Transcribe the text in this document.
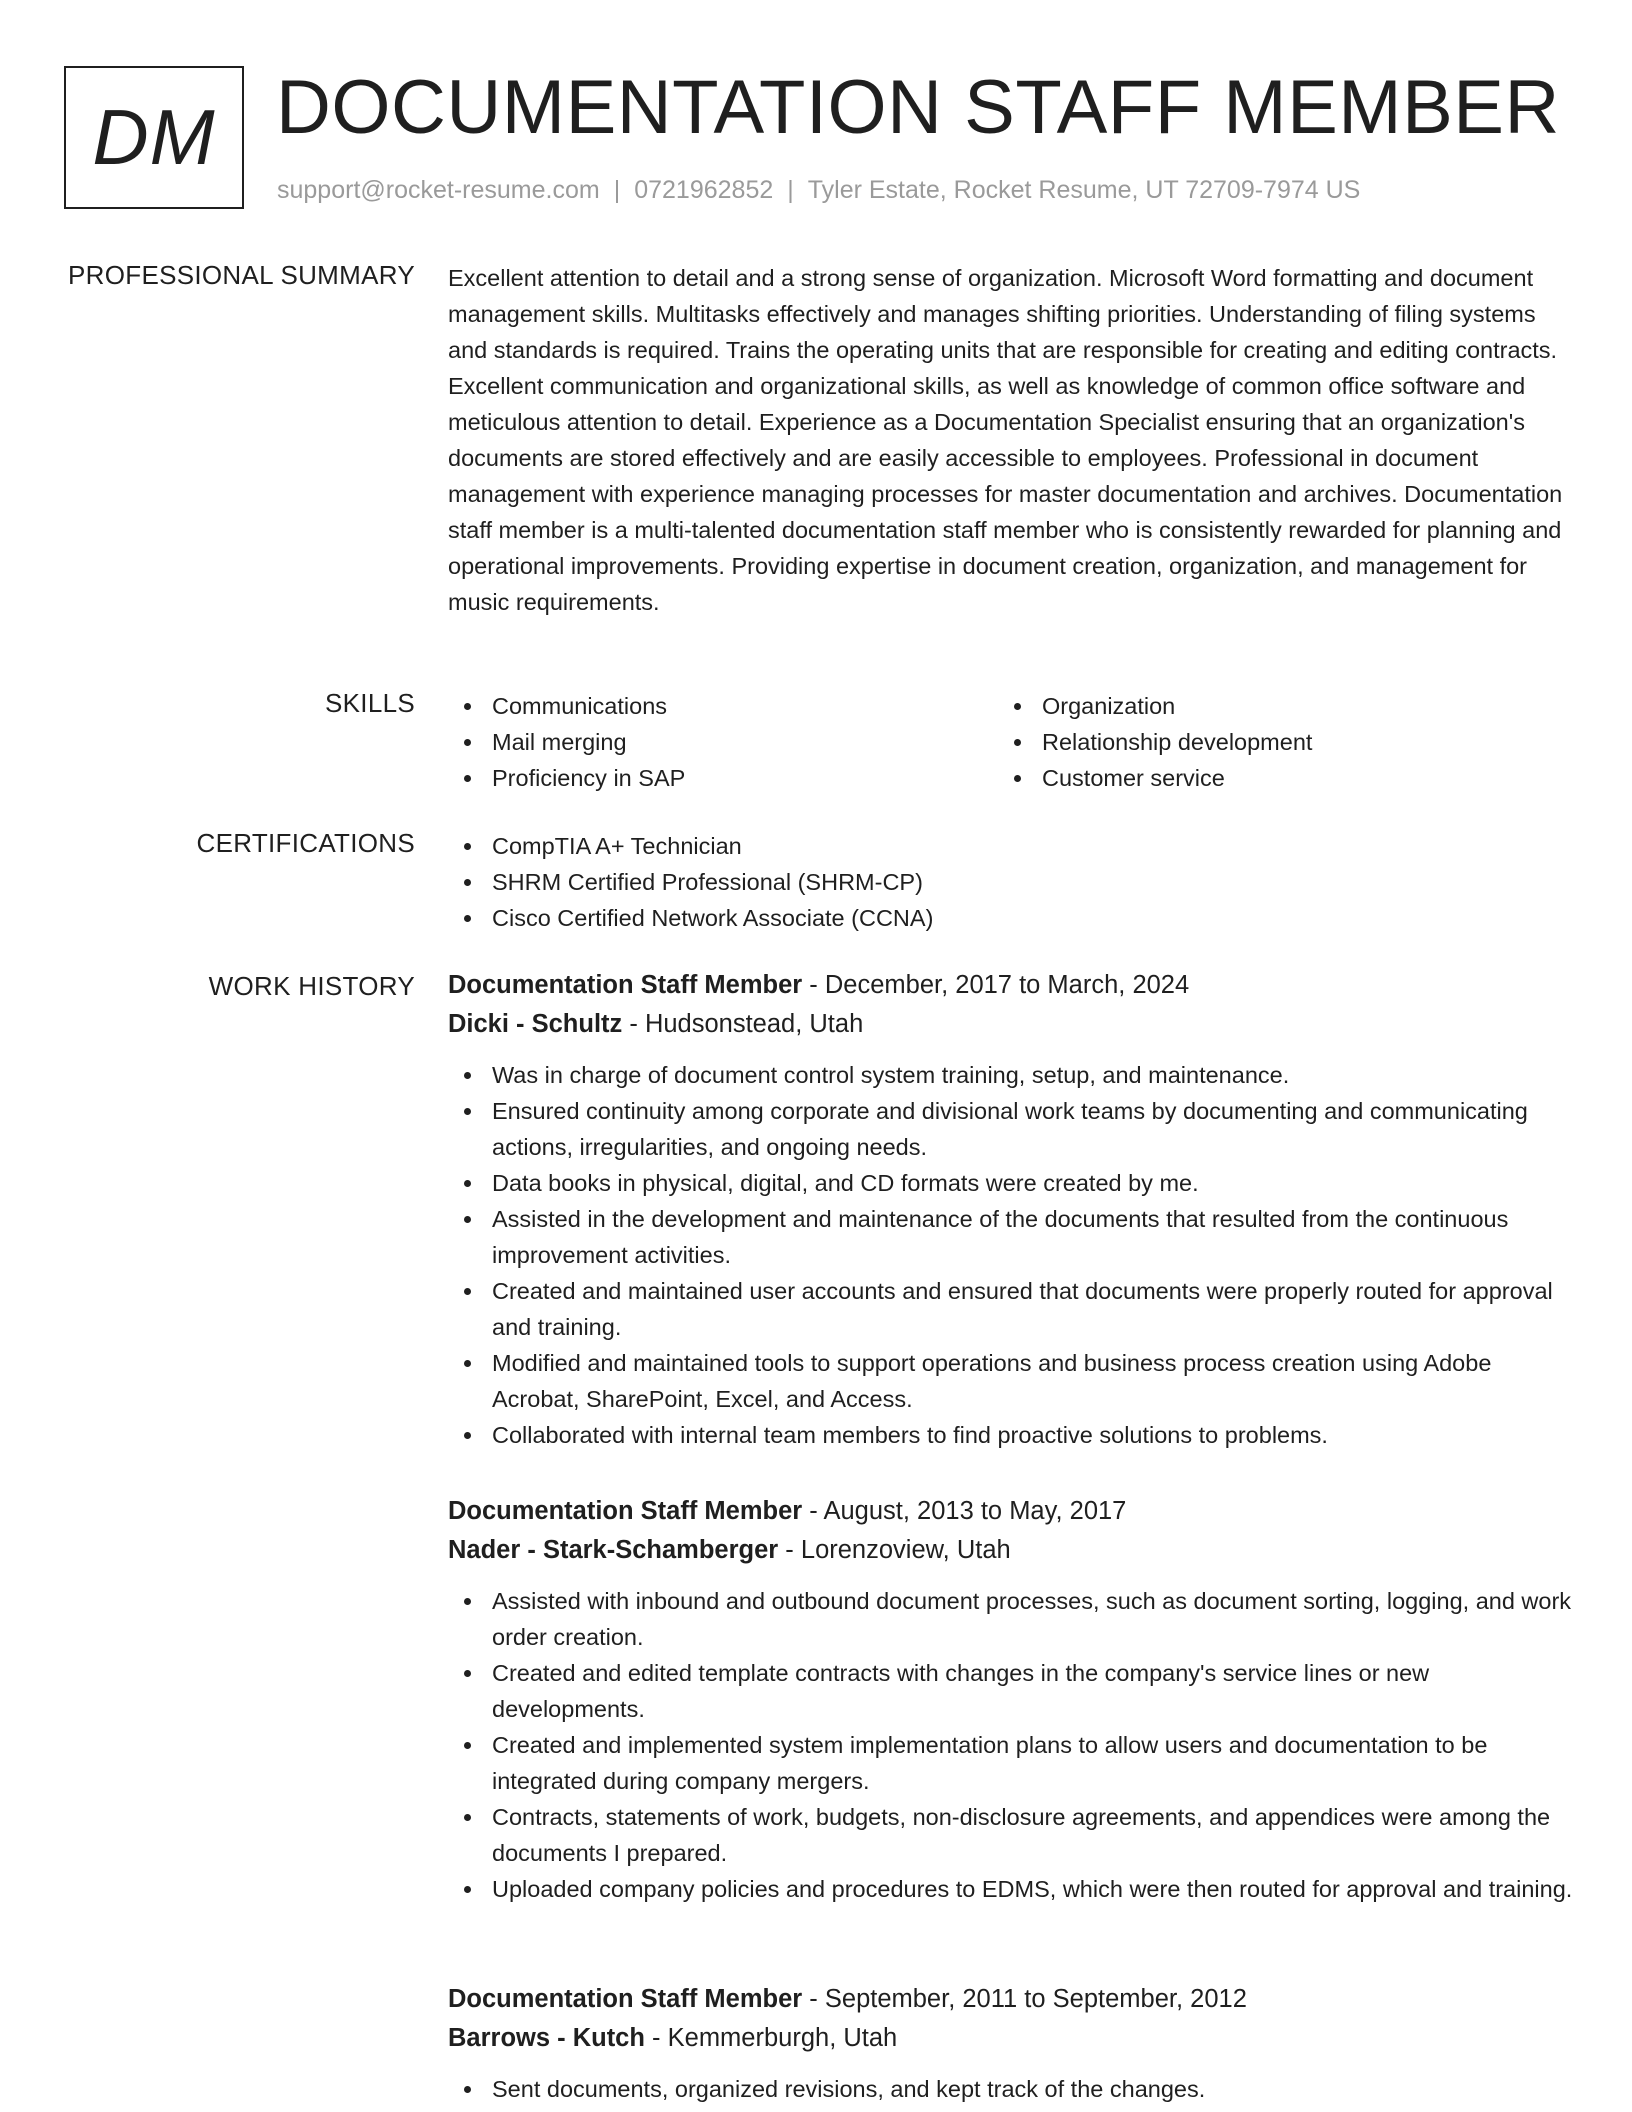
DM DOCUMENTATION STAFF MEMBER
support@rocket-resume.com | 0721962852 | Tyler Estate, Rocket Resume, UT 72709-7974 US
PROFESSIONAL SUMMARY Excellent attention to detail and a strong sense of organization. Microsoft Word formatting and document management skills. Multitasks effectively and manages shifting priorities. Understanding of filing systems and standards is required. Trains the operating units that are responsible for creating and editing contracts. Excellent communication and organizational skills, as well as knowledge of common office software and meticulous attention to detail. Experience as a Documentation Specialist ensuring that an organization's documents are stored effectively and are easily accessible to employees. Professional in document management with experience managing processes for master documentation and archives. Documentation staff member is a multi-talented documentation staff member who is consistently rewarded for planning and operational improvements. Providing expertise in document creation, organization, and management for music requirements.
SKILLS	Communications
Mail merging
Proficiency in SAP
Organization
Relationship development
Customer service
CERTIFICATIONS	CompTIA A+ Technician
SHRM Certified Professional (SHRM-CP)
Cisco Certified Network Associate (CCNA)
WORK HISTORY Documentation Staff Member - December, 2017 to March, 2024
Dicki - Schultz - Hudsonstead, Utah
Was in charge of document control system training, setup, and maintenance.
Ensured continuity among corporate and divisional work teams by documenting and communicating actions, irregularities, and ongoing needs.
Data books in physical, digital, and CD formats were created by me.
Assisted in the development and maintenance of the documents that resulted from the continuous improvement activities.
Created and maintained user accounts and ensured that documents were properly routed for approval and training.
Modified and maintained tools to support operations and business process creation using Adobe Acrobat, SharePoint, Excel, and Access.
Collaborated with internal team members to find proactive solutions to problems.
Documentation Staff Member - August, 2013 to May, 2017
Nader - Stark-Schamberger - Lorenzoview, Utah
Assisted with inbound and outbound document processes, such as document sorting, logging, and work order creation.
Created and edited template contracts with changes in the company's service lines or new developments.
Created and implemented system implementation plans to allow users and documentation to be integrated during company mergers.
Contracts, statements of work, budgets, non-disclosure agreements, and appendices were among the documents I prepared.
Uploaded company policies and procedures to EDMS, which were then routed for approval and training.
Documentation Staff Member - September, 2011 to September, 2012
Barrows - Kutch - Kemmerburgh, Utah
Sent documents, organized revisions, and kept track of the changes.
